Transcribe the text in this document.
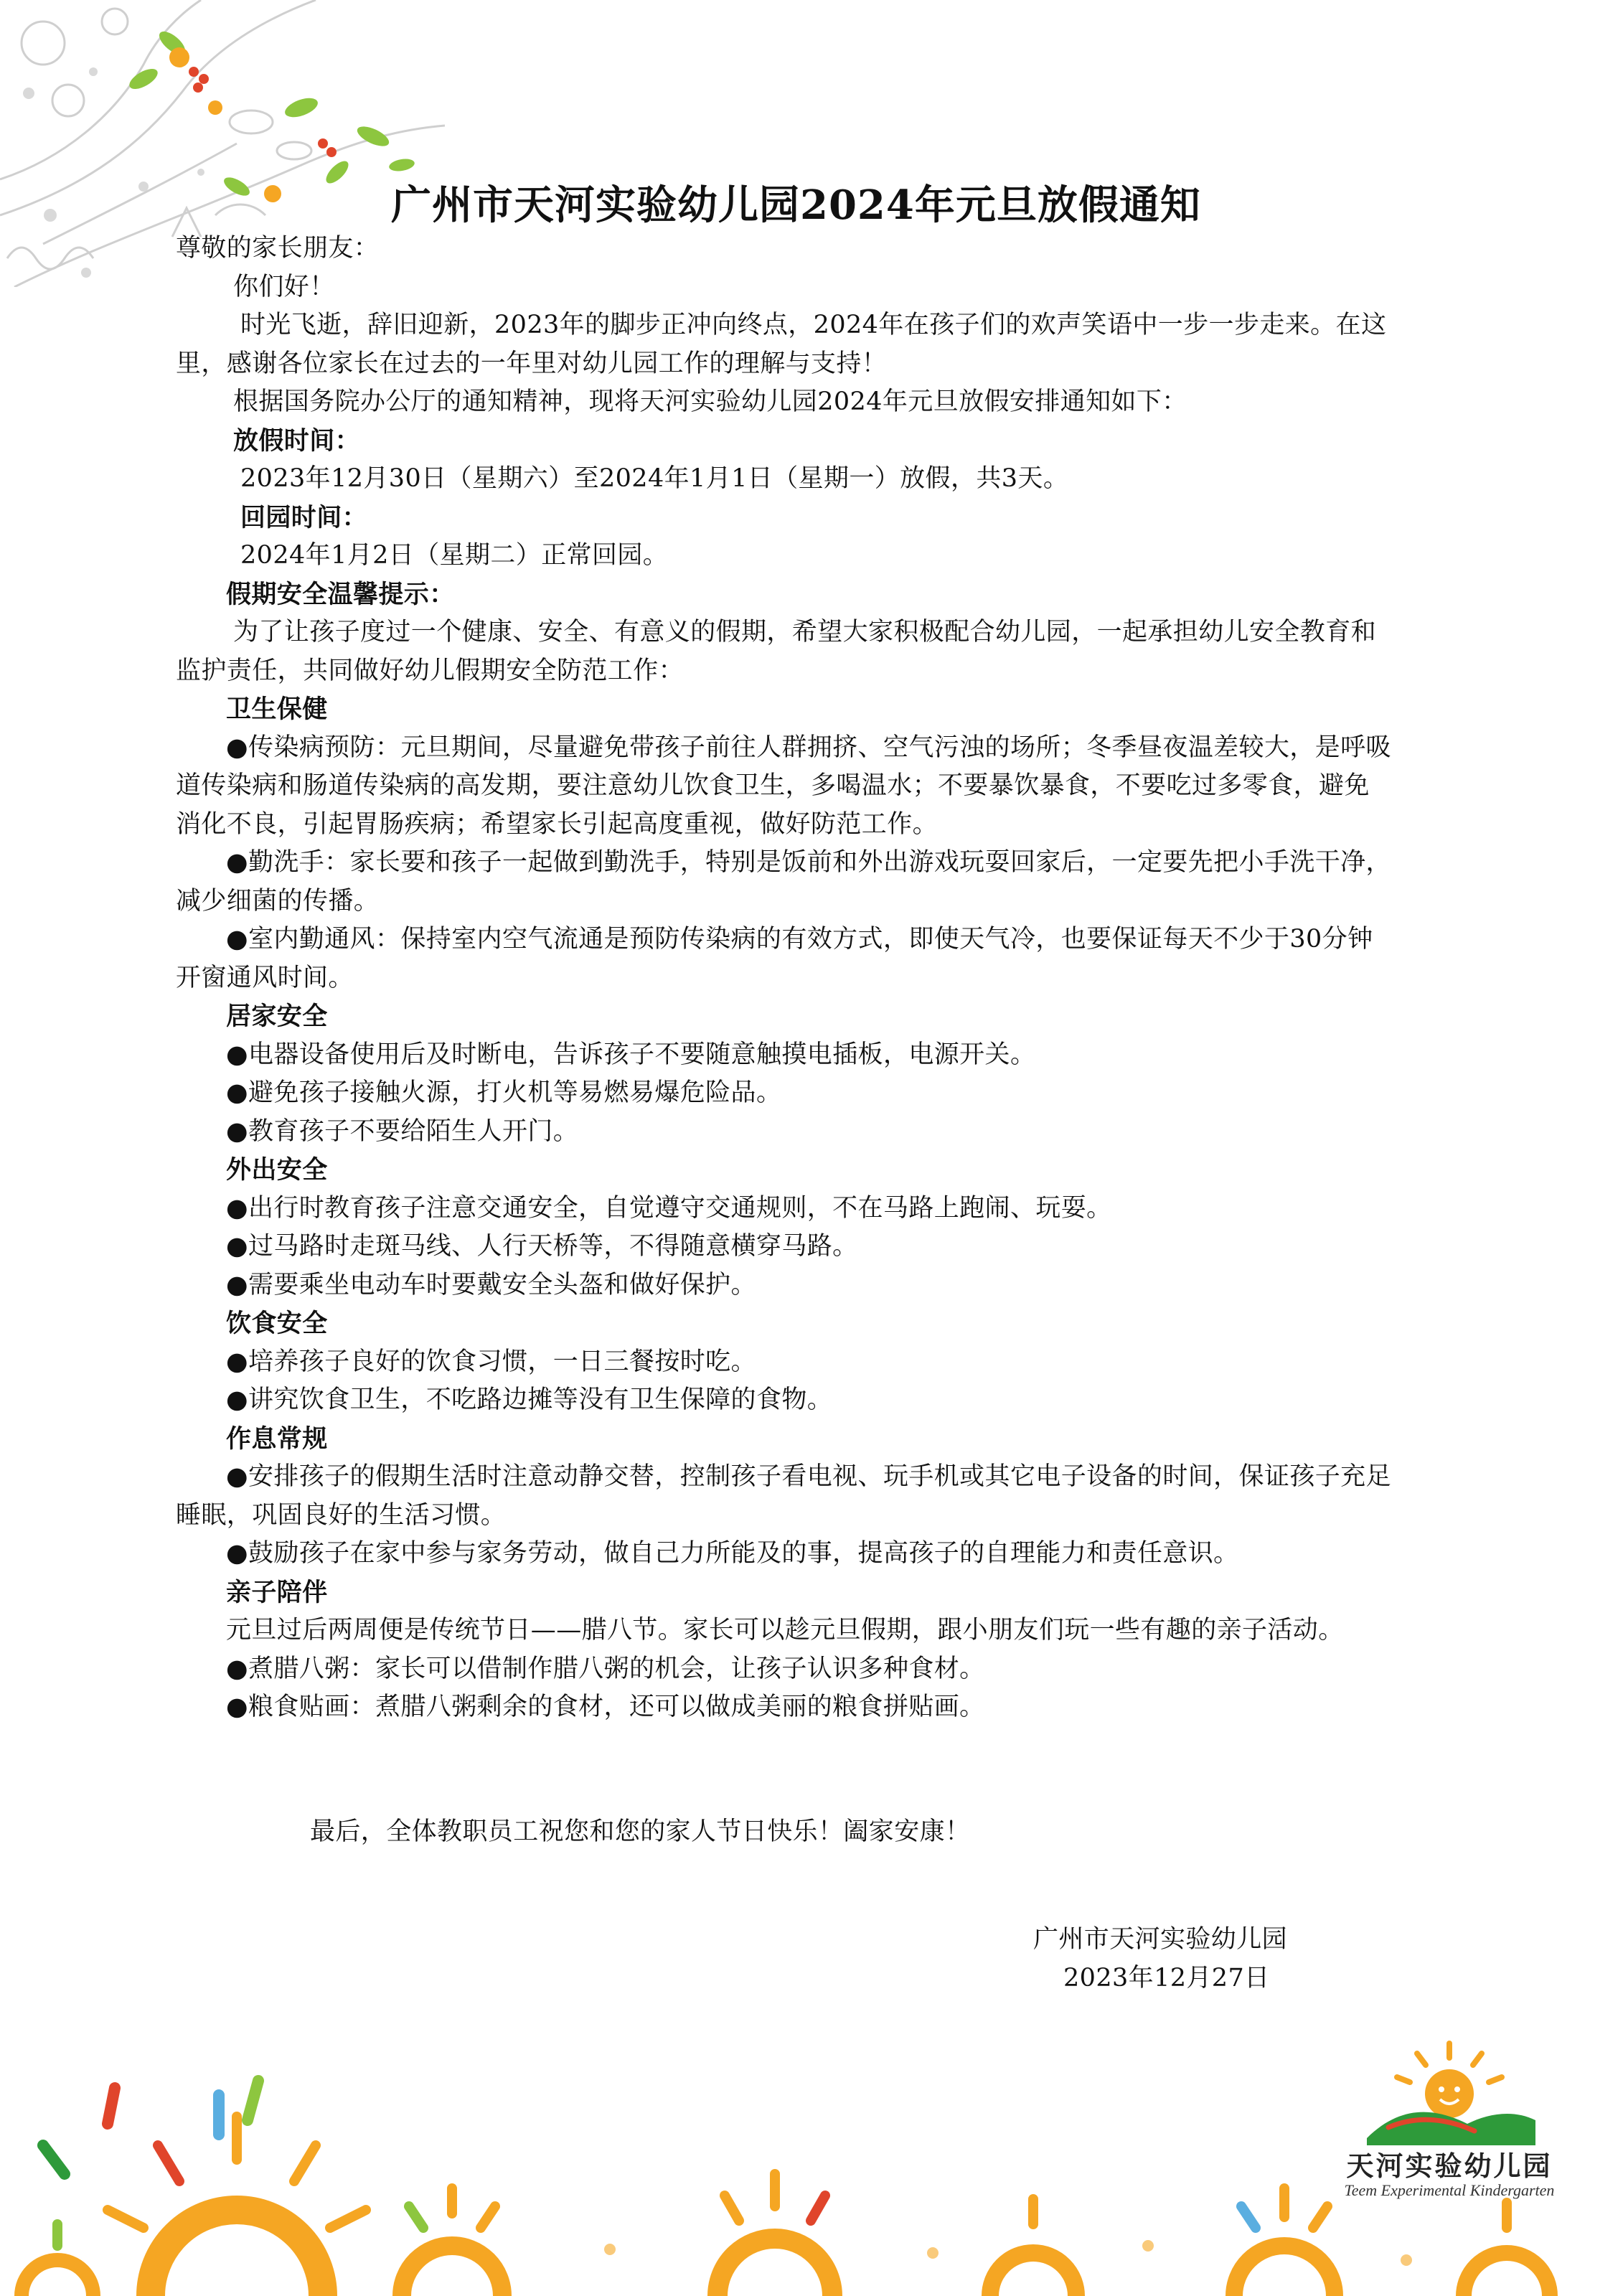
广州市天河实验幼儿园2024年元旦放假通知

尊敬的家长朋友：

你们好！

时光飞逝，辞旧迎新，2023年的脚步正冲向终点，2024年在孩子们的欢声笑语中一步一步走来。在这

里，感谢各位家长在过去的一年里对幼儿园工作的理解与支持！

根据国务院办公厅的通知精神，现将天河实验幼儿园2024年元旦放假安排通知如下：

放假时间：

2023年12月30日（星期六）至2024年1月1日（星期一）放假，共3天。

回园时间：

2024年1月2日（星期二）正常回园。

假期安全温馨提示：

为了让孩子度过一个健康、安全、有意义的假期，希望大家积极配合幼儿园，一起承担幼儿安全教育和

监护责任，共同做好幼儿假期安全防范工作：

卫生保健

●传染病预防：元旦期间，尽量避免带孩子前往人群拥挤、空气污浊的场所；冬季昼夜温差较大，是呼吸

道传染病和肠道传染病的高发期，要注意幼儿饮食卫生，多喝温水；不要暴饮暴食，不要吃过多零食，避免

消化不良，引起胃肠疾病；希望家长引起高度重视，做好防范工作。

●勤洗手：家长要和孩子一起做到勤洗手，特别是饭前和外出游戏玩耍回家后，一定要先把小手洗干净，

减少细菌的传播。

●室内勤通风：保持室内空气流通是预防传染病的有效方式，即使天气冷，也要保证每天不少于30分钟

开窗通风时间。

居家安全

●电器设备使用后及时断电，告诉孩子不要随意触摸电插板，电源开关。

●避免孩子接触火源，打火机等易燃易爆危险品。

●教育孩子不要给陌生人开门。

外出安全

●出行时教育孩子注意交通安全，自觉遵守交通规则，不在马路上跑闹、玩耍。

●过马路时走斑马线、人行天桥等，不得随意横穿马路。

●需要乘坐电动车时要戴安全头盔和做好保护。

饮食安全

●培养孩子良好的饮食习惯，一日三餐按时吃。

●讲究饮食卫生，不吃路边摊等没有卫生保障的食物。

作息常规

●安排孩子的假期生活时注意动静交替，控制孩子看电视、玩手机或其它电子设备的时间，保证孩子充足

睡眠，巩固良好的生活习惯。

●鼓励孩子在家中参与家务劳动，做自己力所能及的事，提高孩子的自理能力和责任意识。

亲子陪伴

元旦过后两周便是传统节日——腊八节。家长可以趁元旦假期，跟小朋友们玩一些有趣的亲子活动。

●煮腊八粥：家长可以借制作腊八粥的机会，让孩子认识多种食材。

●粮食贴画：煮腊八粥剩余的食材，还可以做成美丽的粮食拼贴画。

最后，全体教职员工祝您和您的家人节日快乐！阖家安康！

广州市天河实验幼儿园

2023年12月27日

天河实验幼儿园
Teem Experimental Kindergarten
